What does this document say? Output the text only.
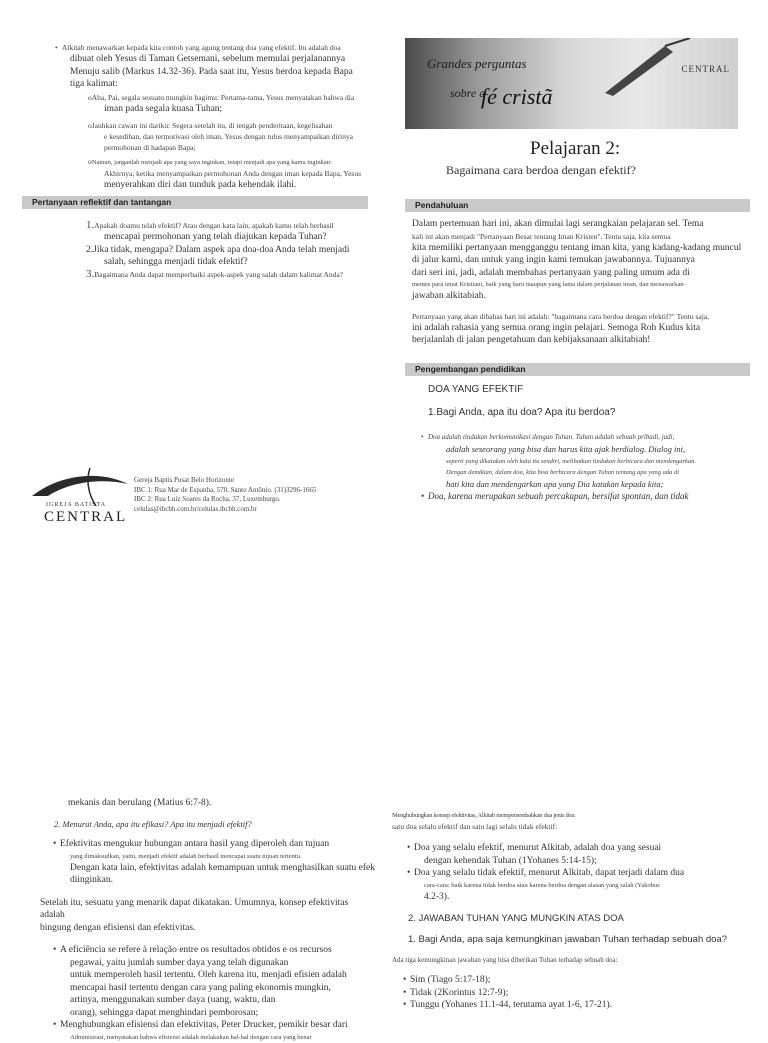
• Alkitab menawarkan kepada kita contoh yang agung tentang doa yang efektif. Itu adalah doa
dibuat oleh Yesus di Taman Getsemani, sebelum memulai perjalanannya
Menuju salib (Markus 14.32-36). Pada saat itu, Yesus berdoa kepada Bapa
tiga kalimat:
oAba, Pai, segala sesuatu mungkin bagimu: Pertama-tama, Yesus menyatakan bahwa dia
iman pada segala kuasa Tuhan;
oJauhkan cawan ini dariku: Segera setelah itu, di tengah penderitaan, kegelisahan
e kesedihan, dan termotivasi oleh iman, Yesus dengan tulus menyampaikan dirinya
permohonan di hadapan Bapa;
oNamun, janganlah menjadi apa yang saya inginkan, tetapi menjadi apa yang kamu inginkan:
Akhirnya, ketika menyampaikan permohonan Anda dengan iman kepada Bapa, Yesus
menyerahkan diri dan tunduk pada kehendak ilahi.
Pertanyaan reflektif dan tantangan
1.Apakah doamu telah efektif? Atau dengan kata lain, apakah kamu telah berhasil
mencapai permohonan yang telah diajukan kepada Tuhan?
2.Jika tidak, mengapa? Dalam aspek apa doa-doa Anda telah menjadi
salah, sehingga menjadi tidak efektif?
3.Bagaimana Anda dapat memperbaiki aspek-aspek yang salah dalam kalimat Anda?
IGREJA BATISTA
CENTRAL
Gereja Baptis Pusat Belo Horizonte
IBC 1: Rua Mar de Espanha, 570, Santo Antônio. (31)3296-1665
IBC 2: Rua Luiz Soares da Rocha, 37, Luxemburgo.
celulas@ibcbh.com.br/celulas.ibcbh.com.br
Grandes perguntas
sobre a
fé cristã
CENTRAL
Pelajaran 2:
Bagaimana cara berdoa dengan efektif?
Pendahuluan
Dalam pertemuan hari ini, akan dimulai lagi serangkaian pelajaran sel. Tema
kali ini akan menjadi "Pertanyaan Besar tentang Iman Kristen". Tentu saja, kita semua
kita memiliki pertanyaan mengganggu tentang iman kita, yang kadang-kadang muncul
di jalur kami, dan untuk yang ingin kami temukan jawabannya. Tujuannya
dari seri ini, jadi, adalah membahas pertanyaan yang paling umum ada di
mentes para umat Kristiani, baik yang baru maupun yang lama dalam perjalanan iman, dan menawarkan-
jawaban alkitabiah.
Pertanyaan yang akan dibahas hari ini adalah: "bagaimana cara berdoa dengan efektif?" Tentu saja,
ini adalah rahasia yang semua orang ingin pelajari. Semoga Roh Kudus kita
berjalanlah di jalan pengetahuan dan kebijaksanaan alkitabiah!
Pengembangan pendidikan
DOA YANG EFEKTIF
1.Bagi Anda, apa itu doa? Apa itu berdoa?
• Doa adalah tindakan berkomunikasi dengan Tuhan. Tuhan adalah sebuah pribadi, jadi,
adalah seseorang yang bisa dan harus kita ajak berdialog. Dialog ini,
seperti yang dikatakan oleh kata itu sendiri, melibatkan tindakan berbicara dan mendengarkan.
Dengan demikian, dalam doa, kita bisa berbicara dengan Tuhan tentang apa yang ada di
hati kita dan mendengarkan apa yang Dia katakan kepada kita;
• Doa, karena merupakan sebuah percakapan, bersifat spontan, dan tidak
mekanis dan berulang (Matius 6:7-8).
2. Menurut Anda, apa itu efikasi? Apa itu menjadi efektif?
• Efektivitas mengukur hubungan antara hasil yang diperoleh dan tujuan
yang dimaksudkan, yaitu, menjadi efektif adalah berhasil mencapai suatu tujuan tertentu.
Dengan kata lain, efektivitas adalah kemampuan untuk menghasilkan suatu efek
diinginkan.
Setelah itu, sesuatu yang menarik dapat dikatakan. Umumnya, konsep efektivitas adalah
bingung dengan efisiensi dan efektivitas.
• A eficiência se refere à relação entre os resultados obtidos e os recursos
pegawai, yaitu jumlah sumber daya yang telah digunakan
untuk memperoleh hasil tertentu. Oleh karena itu, menjadi efisien adalah
mencapai hasil tertentu dengan cara yang paling ekonomis mungkin,
artinya, menggunakan sumber daya (uang, waktu, dan
orang), sehingga dapat menghindari pemborosan;
• Menghubungkan efisiensi dan efektivitas, Peter Drucker, pemikir besar dari
Administrasi, menyatakan bahwa efisiensi adalah melakukan hal-hal dengan cara yang benar
Menghubungkan konsep efektivitas, Alkitab mempersembahkan dua jenis doa:
satu doa selalu efektif dan satu lagi selalu tidak efektif:
• Doa yang selalu efektif, menurut Alkitab, adalah doa yang sesuai
dengan kehendak Tuhan (1Yohanes 5:14-15);
• Doa yang selalu tidak efektif, menurut Alkitab, dapat terjadi dalam dua
cara-cara: baik karena tidak berdoa atau karena berdoa dengan alasan yang salah (Yakobus
4.2-3).
2. JAWABAN TUHAN YANG MUNGKIN ATAS DOA
1. Bagi Anda, apa saja kemungkinan jawaban Tuhan terhadap sebuah doa?
Ada tiga kemungkinan jawaban yang bisa diberikan Tuhan terhadap sebuah doa:
• Sim (Tiago 5:17-18);
• Tidak (2Korintus 12:7-9);
• Tunggu (Yohanes 11.1-44, terutama ayat 1-6, 17-21).
